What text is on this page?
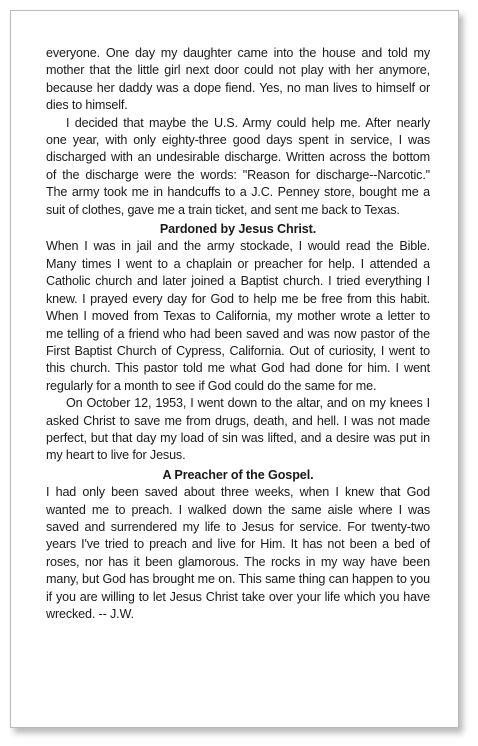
everyone. One day my daughter came into the house and told my mother that the little girl next door could not play with her anymore, because her daddy was a dope fiend. Yes, no man lives to himself or dies to himself.

I decided that maybe the U.S. Army could help me. After nearly one year, with only eighty-three good days spent in service, I was discharged with an undesirable discharge. Written across the bottom of the discharge were the words: "Reason for discharge--Narcotic." The army took me in handcuffs to a J.C. Penney store, bought me a suit of clothes, gave me a train ticket, and sent me back to Texas.

Pardoned by Jesus Christ.

When I was in jail and the army stockade, I would read the Bible. Many times I went to a chaplain or preacher for help. I attended a Catholic church and later joined a Baptist church. I tried everything I knew. I prayed every day for God to help me be free from this habit. When I moved from Texas to California, my mother wrote a letter to me telling of a friend who had been saved and was now pastor of the First Baptist Church of Cypress, California. Out of curiosity, I went to this church. This pastor told me what God had done for him. I went regularly for a month to see if God could do the same for me.

On October 12, 1953, I went down to the altar, and on my knees I asked Christ to save me from drugs, death, and hell. I was not made perfect, but that day my load of sin was lifted, and a desire was put in my heart to live for Jesus.

A Preacher of the Gospel.

I had only been saved about three weeks, when I knew that God wanted me to preach. I walked down the same aisle where I was saved and surrendered my life to Jesus for service. For twenty-two years I've tried to preach and live for Him. It has not been a bed of roses, nor has it been glamorous. The rocks in my way have been many, but God has brought me on. This same thing can happen to you if you are willing to let Jesus Christ take over your life which you have wrecked. -- J.W.
